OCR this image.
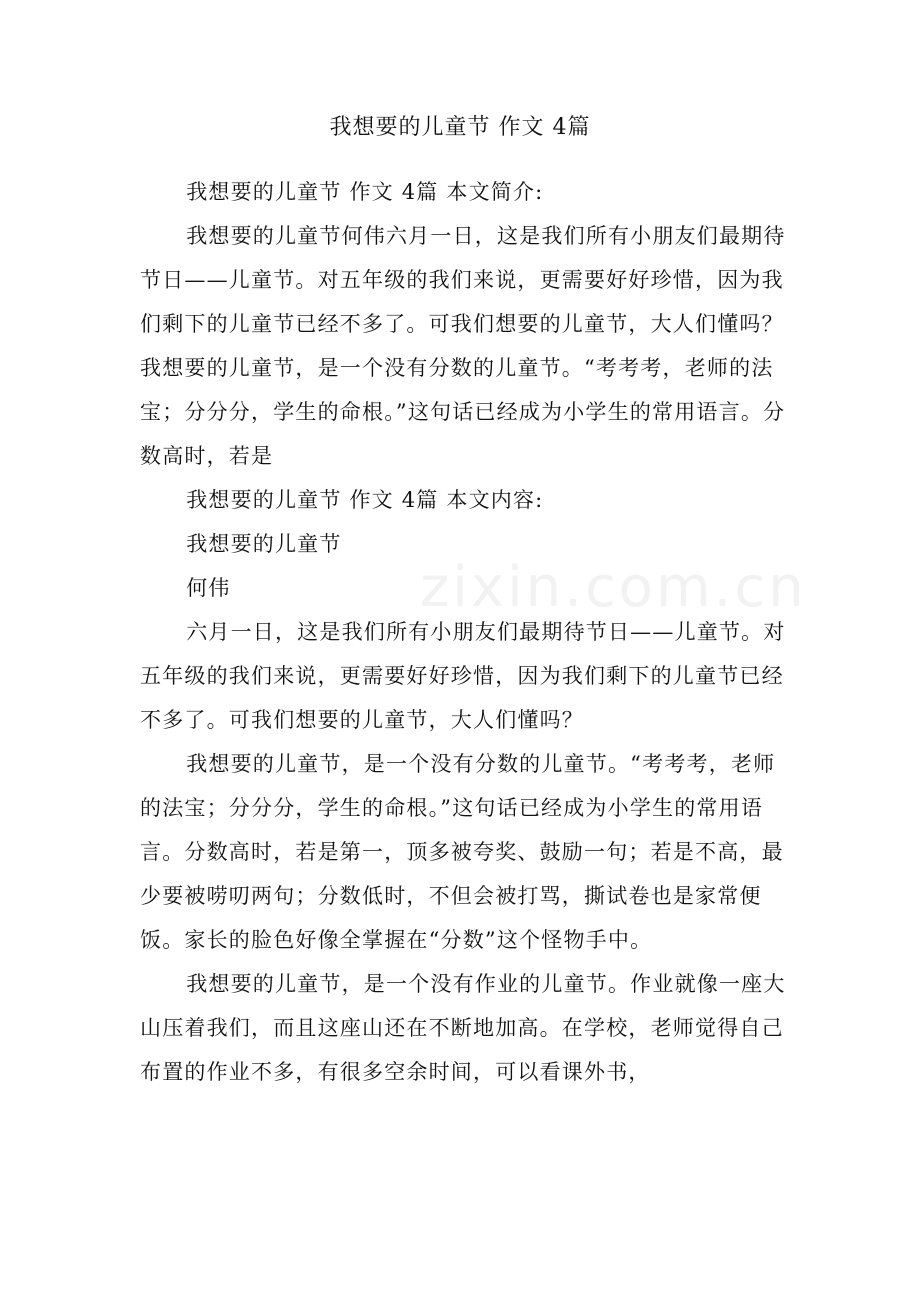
zixin.com.cn
我想要的儿童节 作文 4篇

我想要的儿童节 作文 4篇 本文简介:

我想要的儿童节何伟六月一日，这是我们所有小朋友们最期待节日——儿童节。对五年级的我们来说，更需要好好珍惜，因为我们剩下的儿童节已经不多了。可我们想要的儿童节，大人们懂吗？我想要的儿童节，是一个没有分数的儿童节。“考考考，老师的法宝；分分分，学生的命根。”这句话已经成为小学生的常用语言。分数高时，若是

我想要的儿童节 作文 4篇 本文内容:

我想要的儿童节

何伟

六月一日，这是我们所有小朋友们最期待节日——儿童节。对五年级的我们来说，更需要好好珍惜，因为我们剩下的儿童节已经不多了。可我们想要的儿童节，大人们懂吗？

我想要的儿童节，是一个没有分数的儿童节。“考考考，老师的法宝；分分分，学生的命根。”这句话已经成为小学生的常用语言。分数高时，若是第一，顶多被夸奖、鼓励一句；若是不高，最少要被唠叨两句；分数低时，不但会被打骂，撕试卷也是家常便饭。家长的脸色好像全掌握在“分数”这个怪物手中。

我想要的儿童节，是一个没有作业的儿童节。作业就像一座大山压着我们，而且这座山还在不断地加高。在学校，老师觉得自己布置的作业不多，有很多空余时间，可以看课外书，
